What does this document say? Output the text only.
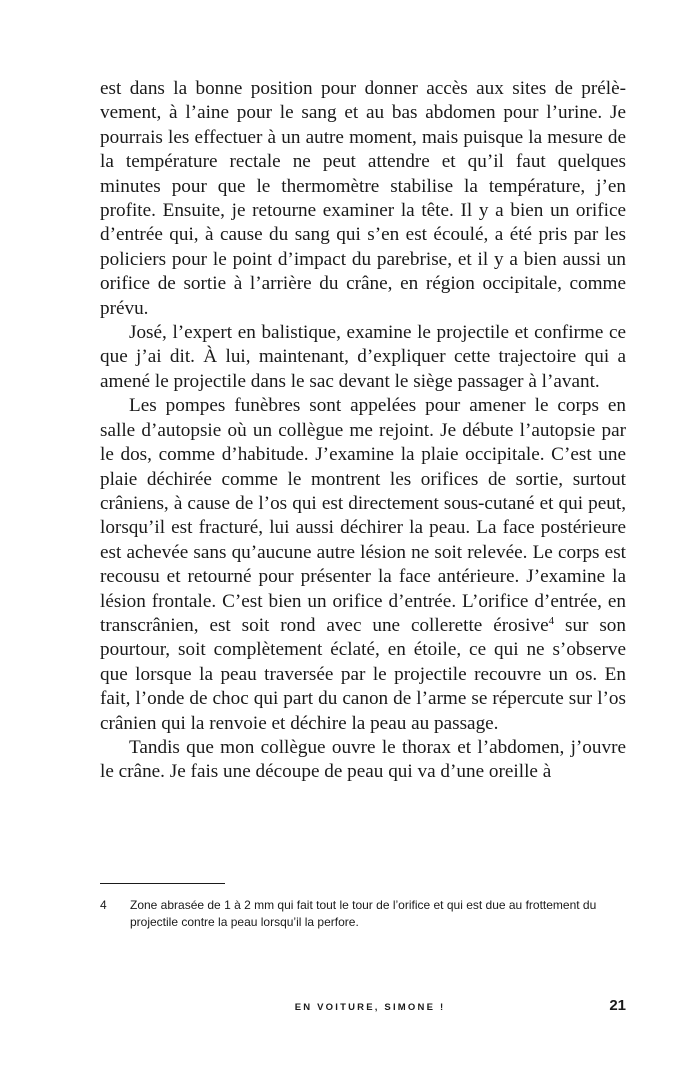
est dans la bonne position pour donner accès aux sites de prélè-vement, à l’aine pour le sang et au bas abdomen pour l’urine. Je pourrais les effectuer à un autre moment, mais puisque la mesure de la température rectale ne peut attendre et qu’il faut quelques minutes pour que le thermomètre stabilise la température, j’en profite. Ensuite, je retourne examiner la tête. Il y a bien un orifice d’entrée qui, à cause du sang qui s’en est écoulé, a été pris par les policiers pour le point d’impact du parebrise, et il y a bien aussi un orifice de sortie à l’arrière du crâne, en région occipitale, comme prévu.

José, l’expert en balistique, examine le projectile et confirme ce que j’ai dit. À lui, maintenant, d’expliquer cette trajectoire qui a amené le projectile dans le sac devant le siège passager à l’avant.

Les pompes funèbres sont appelées pour amener le corps en salle d’autopsie où un collègue me rejoint. Je débute l’autopsie par le dos, comme d’habitude. J’examine la plaie occipitale. C’est une plaie déchirée comme le montrent les orifices de sortie, surtout crâniens, à cause de l’os qui est directement sous-cutané et qui peut, lorsqu’il est fracturé, lui aussi déchirer la peau. La face postérieure est achevée sans qu’aucune autre lésion ne soit relevée. Le corps est recousu et retourné pour présenter la face antérieure. J’examine la lésion frontale. C’est bien un orifice d’entrée. L’orifice d’entrée, en transcrânien, est soit rond avec une collerette érosive$^4$ sur son pourtour, soit complètement éclaté, en étoile, ce qui ne s’observe que lorsque la peau traversée par le projectile recouvre un os. En fait, l’onde de choc qui part du canon de l’arme se répercute sur l’os crânien qui la renvoie et déchire la peau au passage.

Tandis que mon collègue ouvre le thorax et l’abdomen, j’ouvre le crâne. Je fais une découpe de peau qui va d’une oreille à

4	Zone abrasée de 1 à 2 mm qui fait tout le tour de l’orifice et qui est due au frottement du projectile contre la peau lorsqu’il la perfore.
EN VOITURE, SIMONE !	21
